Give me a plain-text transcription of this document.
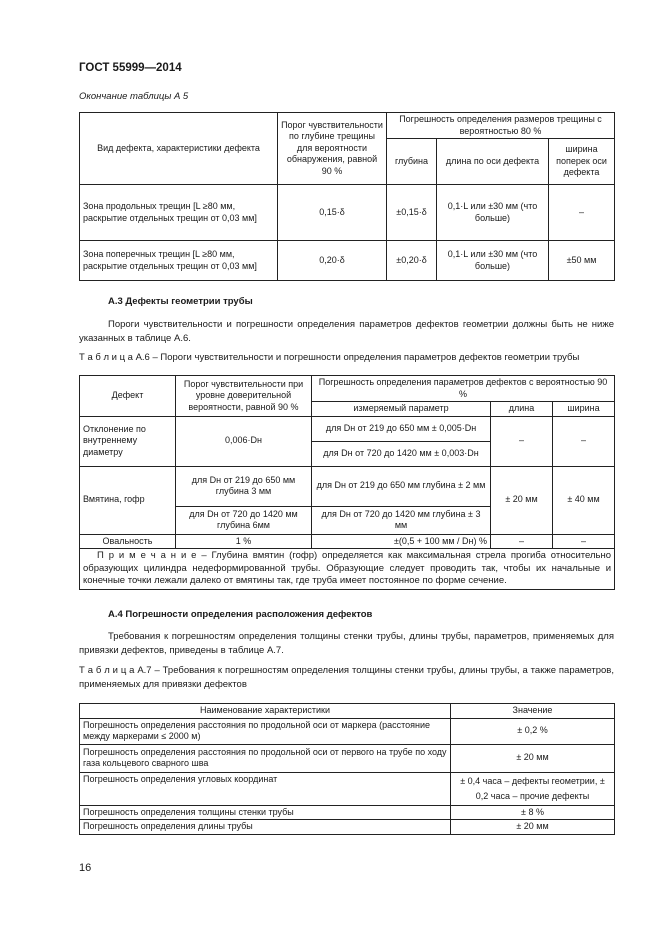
ГОСТ 55999—2014
Окончание таблицы А 5
Вид дефекта, характеристики дефекта	Порог чувствительности по глубине трещины для вероятности обнаружения, равной 90 %	Погрешность определения размеров трещины с вероятностью 80 %		
		глубина	длина по оси дефекта	ширина поперек оси дефекта
Зона продольных трещин [L ≥80 мм, раскрытие отдельных трещин от 0,03 мм]	0,15·δ	±0,15·δ	0,1·L или ±30 мм (что больше)	–
Зона поперечных трещин [L ≥80 мм, раскрытие отдельных трещин от 0,03 мм]	0,20·δ	±0,20·δ	0,1·L или ±30 мм (что больше)	±50 мм
А.3 Дефекты геометрии трубы
Пороги чувствительности и погрешности определения параметров дефектов геометрии должны быть не ниже указанных в таблице А.6.
Т а б л и ц а А.6 – Пороги чувствительности и погрешности определения параметров дефектов геометрии трубы
Дефект	Порог чувствительности при уровне доверительной вероятности, равной 90 %	Погрешность определения параметров дефектов с вероятностью 90 %		
		измеряемый параметр	длина	ширина
Отклонение по внутреннему диаметру	0,006·Dн	для Dн от 219 до 650 мм ± 0,005·Dн	–	–
		для Dн от 720 до 1420 мм ± 0,003·Dн		
Вмятина, гофр	для Dн от 219 до 650 мм глубина 3 мм	для Dн от 219 до 650 мм глубина ± 2 мм	± 20 мм	± 40 мм
	для Dн от 720 до 1420 мм глубина 6мм	для Dн от 720 до 1420 мм глубина ± 3 мм		
Овальность	1 %	±(0,5 + 100 мм / Dн) %	–	–
П р и м е ч а н и е – Глубина вмятин (гофр) определяется как максимальная стрела прогиба относительно образующих цилиндра недеформированной трубы. Образующие следует проводить так, чтобы их начальные и конечные точки лежали далеко от вмятины так, где труба имеет постоянное по форме сечение.				
А.4 Погрешности определения расположения дефектов
Требования к погрешностям определения толщины стенки трубы, длины трубы, параметров, применяемых для привязки дефектов, приведены в таблице А.7.
Т а б л и ц а А.7 – Требования к погрешностям определения толщины стенки трубы, длины трубы, а также параметров, применяемых для привязки дефектов
Наименование характеристики	Значение
Погрешность определения расстояния по продольной оси от маркера (расстояние между маркерами ≤ 2000 м)	± 0,2 %
Погрешность определения расстояния по продольной оси от первого на трубе по ходу газа кольцевого сварного шва	± 20 мм
Погрешность определения угловых координат	± 0,4 часа – дефекты геометрии, ± 0,2 часа – прочие дефекты
Погрешность определения толщины стенки трубы	± 8 %
Погрешность определения длины трубы	± 20 мм
16
